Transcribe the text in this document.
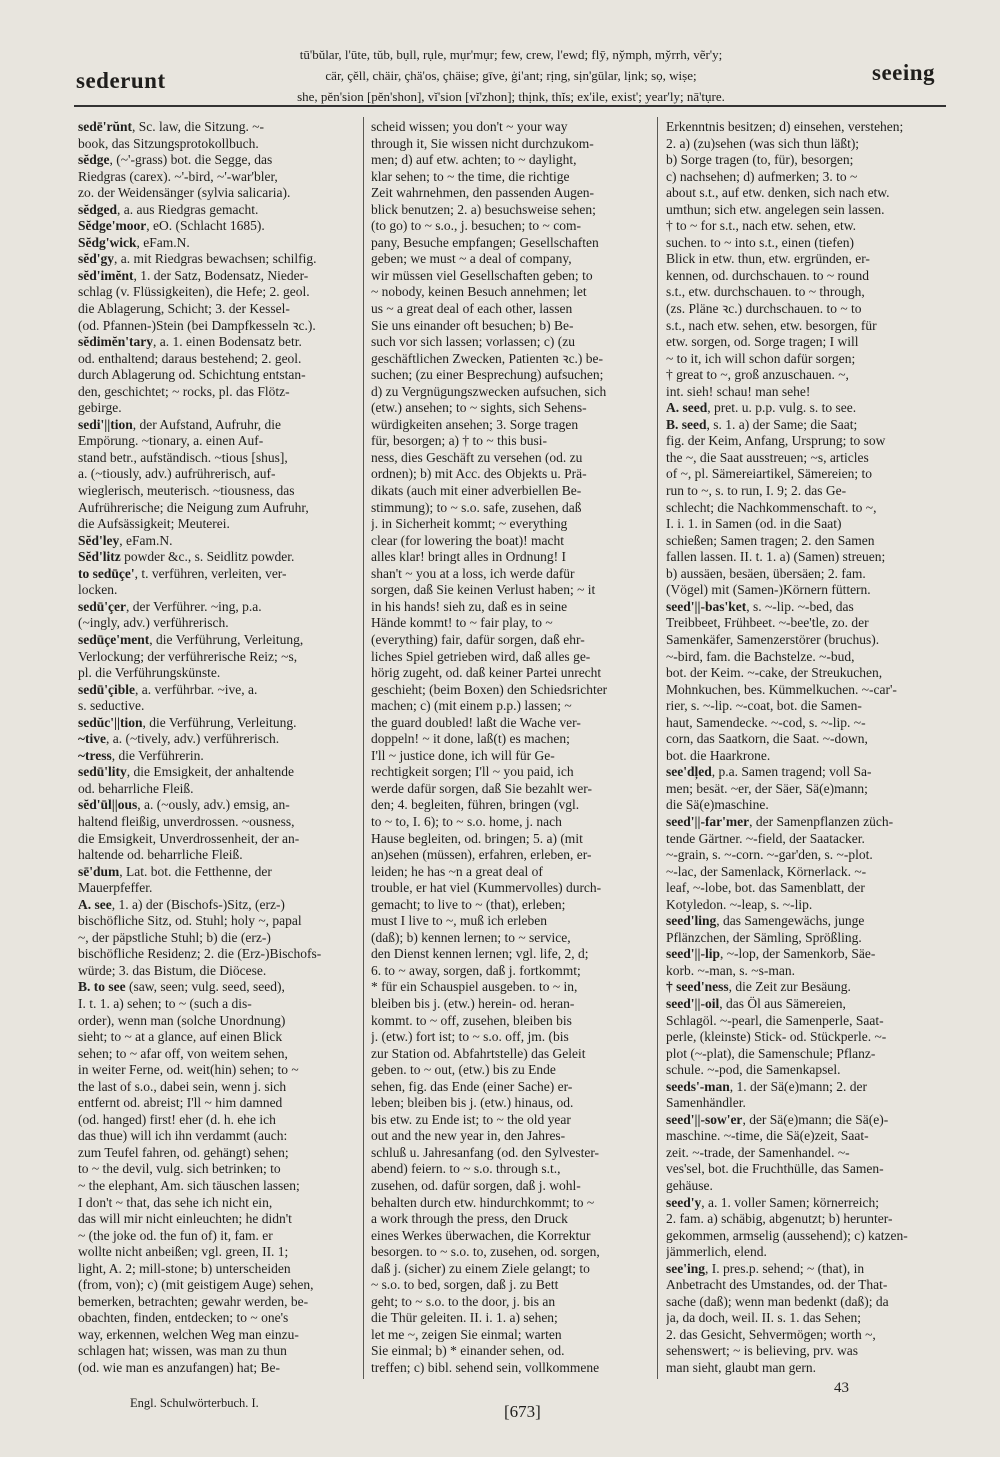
sederunt
tū'bŭlar, l'ūte, tŭb, bụll, rụle, mụr'mụr; few, crew, l'ewd; flȳ, ny̆mph, my̆rrh, vẽr'y;
cär, çĕll, chäir, çhä'os, çhäise; gīve, ġi'ant; rịng, sịn'gūlar, lịnk; sọ, wiṣe;
she, pĕn'sion [pĕn'shon], vĭ'sion [vĭ'zhon]; thịnk, thĭs; ex'ile, exist'; year'ly; nā'tụre.
seeing
sedē'rŭnt, Sc. law, die Sitzung. ~-
book, das Sitzungsprotokollbuch.
sĕdge, (~'-grass) bot. die Segge, das
Riedgras (carex). ~'-bird, ~'-war'bler,
zo. der Weidensänger (sylvia salicaria).
sĕdged, a. aus Riedgras gemacht.
Sĕdge'moor, eO. (Schlacht 1685).
Sĕdg'wick, eFam.N.
sĕd'gy, a. mit Riedgras bewachsen; schilfig.
sĕd'imĕnt, 1. der Satz, Bodensatz, Nieder-
schlag (v. Flüssigkeiten), die Hefe; 2. geol.
die Ablagerung, Schicht; 3. der Kessel-
(od. Pfannen-)Stein (bei Dampfkesseln ꝛc.).
sĕdimĕn'tary, a. 1. einen Bodensatz betr.
od. enthaltend; daraus bestehend; 2. geol.
durch Ablagerung od. Schichtung entstan-
den, geschichtet; ~ rocks, pl. das Flötz-
gebirge.
sedi'||tion, der Aufstand, Aufruhr, die
Empörung. ~tionary, a. einen Auf-
stand betr., aufständisch. ~tious [shus],
a. (~tiously, adv.) aufrührerisch, auf-
wieglerisch, meuterisch. ~tiousness, das
Aufrührerische; die Neigung zum Aufruhr,
die Aufsässigkeit; Meuterei.
Sĕd'ley, eFam.N.
Sĕd'litz powder &c., s. Seidlitz powder.
to sedūçe', t. verführen, verleiten, ver-
locken.
sedū'çer, der Verführer. ~ing, p.a.
(~ingly, adv.) verführerisch.
sedūçe'ment, die Verführung, Verleitung,
Verlockung; der verführerische Reiz; ~s,
pl. die Verführungskünste.
sedū'çible, a. verführbar. ~ive, a.
s. seductive.
sedŭc'||tion, die Verführung, Verleitung.
~tive, a. (~tively, adv.) verführerisch.
~tress, die Verführerin.
sedū'lity, die Emsigkeit, der anhaltende
od. beharrliche Fleiß.
sĕd'ūl||ous, a. (~ously, adv.) emsig, an-
haltend fleißig, unverdrossen. ~ousness,
die Emsigkeit, Unverdrossenheit, der an-
haltende od. beharrliche Fleiß.
sē'dum, Lat. bot. die Fetthenne, der
Mauerpfeffer.
A. see, 1. a) der (Bischofs-)Sitz, (erz-)
bischöfliche Sitz, od. Stuhl; holy ~, papal
~, der päpstliche Stuhl; b) die (erz-)
bischöfliche Residenz; 2. die (Erz-)Bischofs-
würde; 3. das Bistum, die Diöcese.
B. to see (saw, seen; vulg. seed, seed),
I. t. 1. a) sehen; to ~ (such a dis-
order), wenn man (solche Unordnung)
sieht; to ~ at a glance, auf einen Blick
sehen; to ~ afar off, von weitem sehen,
in weiter Ferne, od. weit(hin) sehen; to ~
the last of s.o., dabei sein, wenn j. sich
entfernt od. abreist; I'll ~ him damned
(od. hanged) first! eher (d. h. ehe ich
das thue) will ich ihn verdammt (auch:
zum Teufel fahren, od. gehängt) sehen;
to ~ the devil, vulg. sich betrinken; to
~ the elephant, Am. sich täuschen lassen;
I don't ~ that, das sehe ich nicht ein,
das will mir nicht einleuchten; he didn't
~ (the joke od. the fun of) it, fam. er
wollte nicht anbeißen; vgl. green, II. 1;
light, A. 2; mill-stone; b) unterscheiden
(from, von); c) (mit geistigem Auge) sehen,
bemerken, betrachten; gewahr werden, be-
obachten, finden, entdecken; to ~ one's
way, erkennen, welchen Weg man einzu-
schlagen hat; wissen, was man zu thun
(od. wie man es anzufangen) hat; Be-
scheid wissen; you don't ~ your way
through it, Sie wissen nicht durchzukom-
men; d) auf etw. achten; to ~ daylight,
klar sehen; to ~ the time, die richtige
Zeit wahrnehmen, den passenden Augen-
blick benutzen; 2. a) besuchsweise sehen;
(to go) to ~ s.o., j. besuchen; to ~ com-
pany, Besuche empfangen; Gesellschaften
geben; we must ~ a deal of company,
wir müssen viel Gesellschaften geben; to
~ nobody, keinen Besuch annehmen; let
us ~ a great deal of each other, lassen
Sie uns einander oft besuchen; b) Be-
such vor sich lassen; vorlassen; c) (zu
geschäftlichen Zwecken, Patienten ꝛc.) be-
suchen; (zu einer Besprechung) aufsuchen;
d) zu Vergnügungszwecken aufsuchen, sich
(etw.) ansehen; to ~ sights, sich Sehens-
würdigkeiten ansehen; 3. Sorge tragen
für, besorgen; a) † to ~ this busi-
ness, dies Geschäft zu versehen (od. zu
ordnen); b) mit Acc. des Objekts u. Prä-
dikats (auch mit einer adverbiellen Be-
stimmung); to ~ s.o. safe, zusehen, daß
j. in Sicherheit kommt; ~ everything
clear (for lowering the boat)! macht
alles klar! bringt alles in Ordnung! I
shan't ~ you at a loss, ich werde dafür
sorgen, daß Sie keinen Verlust haben; ~ it
in his hands! sieh zu, daß es in seine
Hände kommt! to ~ fair play, to ~
(everything) fair, dafür sorgen, daß ehr-
liches Spiel getrieben wird, daß alles ge-
hörig zugeht, od. daß keiner Partei unrecht
geschieht; (beim Boxen) den Schiedsrichter
machen; c) (mit einem p.p.) lassen; ~
the guard doubled! laßt die Wache ver-
doppeln! ~ it done, laß(t) es machen;
I'll ~ justice done, ich will für Ge-
rechtigkeit sorgen; I'll ~ you paid, ich
werde dafür sorgen, daß Sie bezahlt wer-
den; 4. begleiten, führen, bringen (vgl.
to ~ to, I. 6); to ~ s.o. home, j. nach
Hause begleiten, od. bringen; 5. a) (mit
an)sehen (müssen), erfahren, erleben, er-
leiden; he has ~n a great deal of
trouble, er hat viel (Kummervolles) durch-
gemacht; to live to ~ (that), erleben;
must I live to ~, muß ich erleben
(daß); b) kennen lernen; to ~ service,
den Dienst kennen lernen; vgl. life, 2, d;
6. to ~ away, sorgen, daß j. fortkommt;
* für ein Schauspiel ausgeben. to ~ in,
bleiben bis j. (etw.) herein- od. heran-
kommt. to ~ off, zusehen, bleiben bis
j. (etw.) fort ist; to ~ s.o. off, jm. (bis
zur Station od. Abfahrtstelle) das Geleit
geben. to ~ out, (etw.) bis zu Ende
sehen, fig. das Ende (einer Sache) er-
leben; bleiben bis j. (etw.) hinaus, od.
bis etw. zu Ende ist; to ~ the old year
out and the new year in, den Jahres-
schluß u. Jahresanfang (od. den Sylvester-
abend) feiern. to ~ s.o. through s.t.,
zusehen, od. dafür sorgen, daß j. wohl-
behalten durch etw. hindurchkommt; to ~
a work through the press, den Druck
eines Werkes überwachen, die Korrektur
besorgen. to ~ s.o. to, zusehen, od. sorgen,
daß j. (sicher) zu einem Ziele gelangt; to
~ s.o. to bed, sorgen, daß j. zu Bett
geht; to ~ s.o. to the door, j. bis an
die Thür geleiten. II. i. 1. a) sehen;
let me ~, zeigen Sie einmal; warten
Sie einmal; b) * einander sehen, od.
treffen; c) bibl. sehend sein, vollkommene
Erkenntnis besitzen; d) einsehen, verstehen;
2. a) (zu)sehen (was sich thun läßt);
b) Sorge tragen (to, für), besorgen;
c) nachsehen; d) aufmerken; 3. to ~
about s.t., auf etw. denken, sich nach etw.
umthun; sich etw. angelegen sein lassen.
† to ~ for s.t., nach etw. sehen, etw.
suchen. to ~ into s.t., einen (tiefen)
Blick in etw. thun, etw. ergründen, er-
kennen, od. durchschauen. to ~ round
s.t., etw. durchschauen. to ~ through,
(zs. Pläne ꝛc.) durchschauen. to ~ to
s.t., nach etw. sehen, etw. besorgen, für
etw. sorgen, od. Sorge tragen; I will
~ to it, ich will schon dafür sorgen;
† great to ~, groß anzuschauen. ~,
int. sieh! schau! man sehe!
A. seed, pret. u. p.p. vulg. s. to see.
B. seed, s. 1. a) der Same; die Saat;
fig. der Keim, Anfang, Ursprung; to sow
the ~, die Saat ausstreuen; ~s, articles
of ~, pl. Sämereiartikel, Sämereien; to
run to ~, s. to run, I. 9; 2. das Ge-
schlecht; die Nachkommenschaft. to ~,
I. i. 1. in Samen (od. in die Saat)
schießen; Samen tragen; 2. den Samen
fallen lassen. II. t. 1. a) (Samen) streuen;
b) aussäen, besäen, übersäen; 2. fam.
(Vögel) mit (Samen-)Körnern füttern.
seed'||-bas'ket, s. ~-lip. ~-bed, das
Treibbeet, Frühbeet. ~-bee'tle, zo. der
Samenkäfer, Samenzerstörer (bruchus).
~-bird, fam. die Bachstelze. ~-bud,
bot. der Keim. ~-cake, der Streukuchen,
Mohnkuchen, bes. Kümmelkuchen. ~-car'-
rier, s. ~-lip. ~-coat, bot. die Samen-
haut, Samendecke. ~-cod, s. ~-lip. ~-
corn, das Saatkorn, die Saat. ~-down,
bot. die Haarkrone.
see'dl̦ed, p.a. Samen tragend; voll Sa-
men; besät. ~er, der Säer, Sä(e)mann;
die Sä(e)maschine.
seed'||-far'mer, der Samenpflanzen züch-
tende Gärtner. ~-field, der Saatacker.
~-grain, s. ~-corn. ~-gar'den, s. ~-plot.
~-lac, der Samenlack, Körnerlack. ~-
leaf, ~-lobe, bot. das Samenblatt, der
Kotyledon. ~-leap, s. ~-lip.
seed'ling, das Samengewächs, junge
Pflänzchen, der Sämling, Sprößling.
seed'||-lip, ~-lop, der Samenkorb, Säe-
korb. ~-man, s. ~s-man.
† seed'ness, die Zeit zur Besäung.
seed'||-oil, das Öl aus Sämereien,
Schlagöl. ~-pearl, die Samenperle, Saat-
perle, (kleinste) Stick- od. Stückperle. ~-
plot (~-plat), die Samenschule; Pflanz-
schule. ~-pod, die Samenkapsel.
seeds'-man, 1. der Sä(e)mann; 2. der
Samenhändler.
seed'||-sow'er, der Sä(e)mann; die Sä(e)-
maschine. ~-time, die Sä(e)zeit, Saat-
zeit. ~-trade, der Samenhandel. ~-
ves'sel, bot. die Fruchthülle, das Samen-
gehäuse.
seed'y, a. 1. voller Samen; körnerreich;
2. fam. a) schäbig, abgenutzt; b) herunter-
gekommen, armselig (aussehend); c) katzen-
jämmerlich, elend.
see'ing, I. pres.p. sehend; ~ (that), in
Anbetracht des Umstandes, od. der That-
sache (daß); wenn man bedenkt (daß); da
ja, da doch, weil. II. s. 1. das Sehen;
2. das Gesicht, Sehvermögen; worth ~,
sehenswert; ~ is believing, prv. was
man sieht, glaubt man gern.
Engl. Schulwörterbuch. I.	[673]
43
